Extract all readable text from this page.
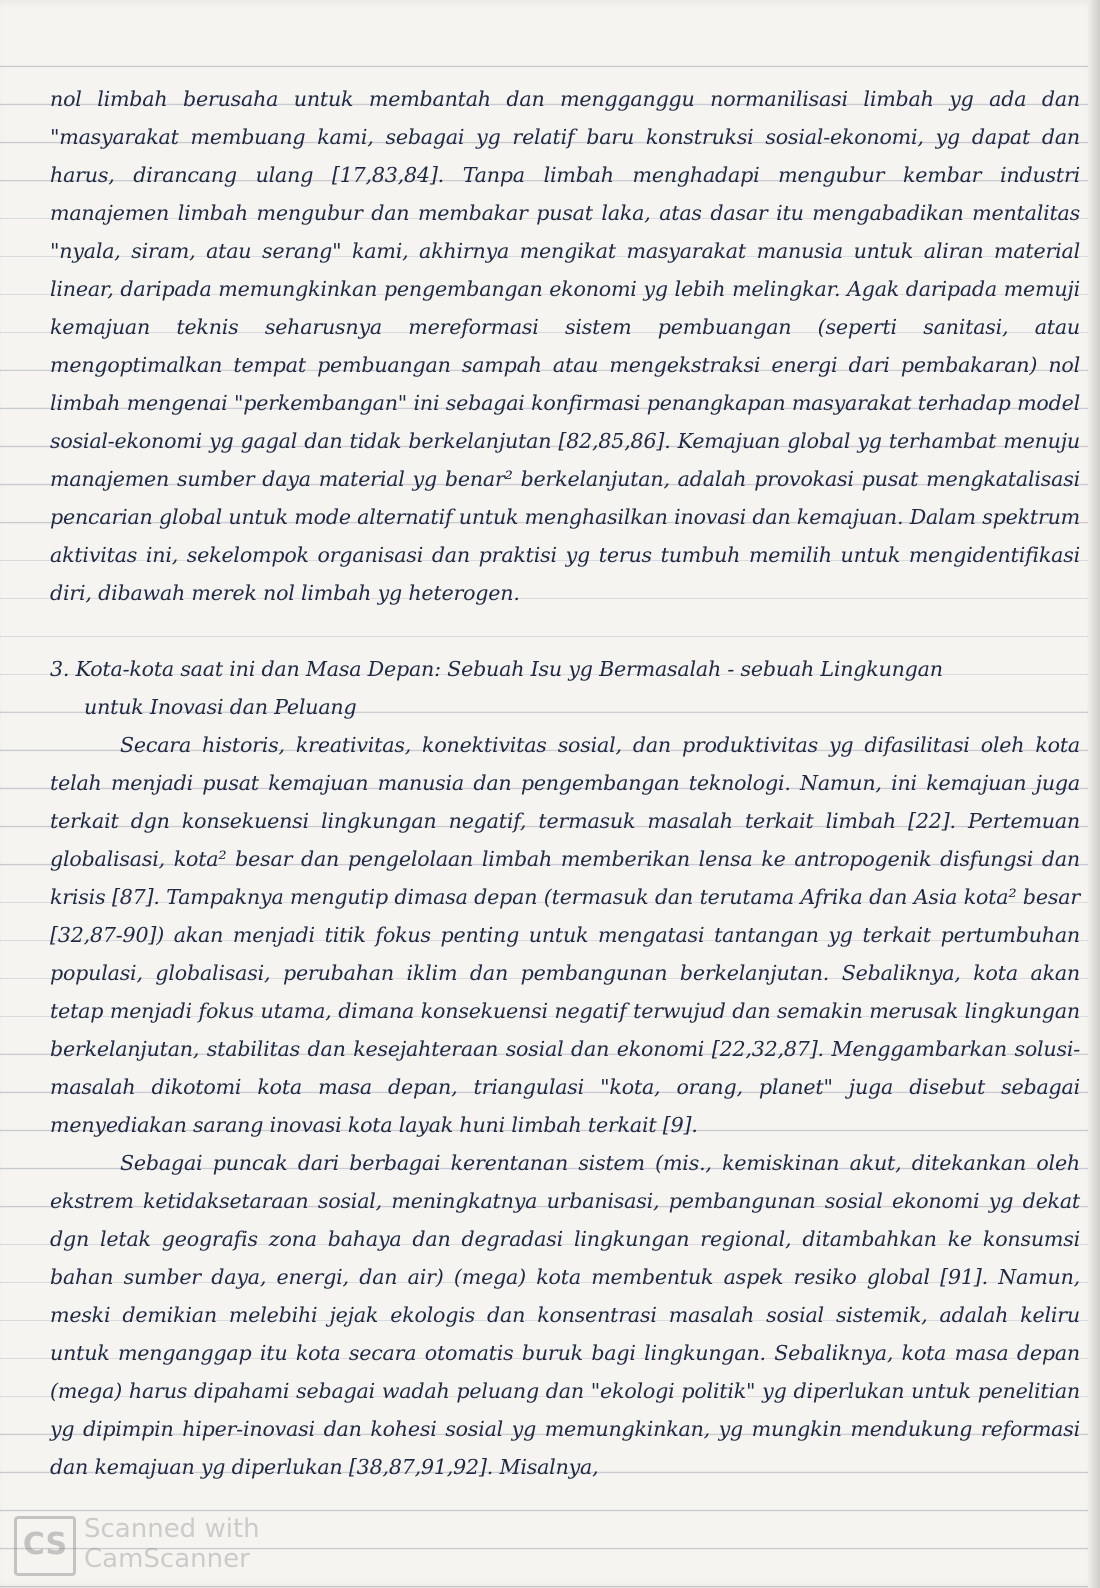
nol limbah berusaha untuk membantah dan mengganggu normanilisasi limbah yg ada dan "masyarakat membuang kami, sebagai yg relatif baru konstruksi sosial-ekonomi, yg dapat dan harus, dirancang ulang [17,83,84]. Tanpa limbah menghadapi mengubur kembar industri manajemen limbah mengubur dan membakar pusat laka, atas dasar itu mengabadikan mentalitas "nyala, siram, atau serang" kami, akhirnya mengikat masyarakat manusia untuk aliran material linear, daripada memungkinkan pengembangan ekonomi yg lebih melingkar. Agak daripada memuji kemajuan teknis seharusnya mereformasi sistem pembuangan (seperti sanitasi, atau mengoptimalkan tempat pembuangan sampah atau mengekstraksi energi dari pembakaran) nol limbah mengenai "perkembangan" ini sebagai konfirmasi penangkapan masyarakat terhadap model sosial-ekonomi yg gagal dan tidak berkelanjutan [82,85,86]. Kemajuan global yg terhambat menuju manajemen sumber daya material yg benar² berkelanjutan, adalah provokasi pusat mengkatalisasi pencarian global untuk mode alternatif untuk menghasilkan inovasi dan kemajuan. Dalam spektrum aktivitas ini, sekelompok organisasi dan praktisi yg terus tumbuh memilih untuk mengidentifikasi diri, dibawah merek nol limbah yg heterogen.

3. Kota-kota saat ini dan Masa Depan: Sebuah Isu yg Bermasalah - sebuah Lingkungan
untuk Inovasi dan Peluang

Secara historis, kreativitas, konektivitas sosial, dan produktivitas yg difasilitasi oleh kota telah menjadi pusat kemajuan manusia dan pengembangan teknologi. Namun, ini kemajuan juga terkait dgn konsekuensi lingkungan negatif, termasuk masalah terkait limbah [22]. Pertemuan globalisasi, kota² besar dan pengelolaan limbah memberikan lensa ke antropogenik disfungsi dan krisis [87]. Tampaknya mengutip dimasa depan (termasuk dan terutama Afrika dan Asia kota² besar [32,87-90]) akan menjadi titik fokus penting untuk mengatasi tantangan yg terkait pertumbuhan populasi, globalisasi, perubahan iklim dan pembangunan berkelanjutan. Sebaliknya, kota akan tetap menjadi fokus utama, dimana konsekuensi negatif terwujud dan semakin merusak lingkungan berkelanjutan, stabilitas dan kesejahteraan sosial dan ekonomi [22,32,87]. Menggambarkan solusi-masalah dikotomi kota masa depan, triangulasi "kota, orang, planet" juga disebut sebagai menyediakan sarang inovasi kota layak huni limbah terkait [9].

Sebagai puncak dari berbagai kerentanan sistem (mis., kemiskinan akut, ditekankan oleh ekstrem ketidaksetaraan sosial, meningkatnya urbanisasi, pembangunan sosial ekonomi yg dekat dgn letak geografis zona bahaya dan degradasi lingkungan regional, ditambahkan ke konsumsi bahan sumber daya, energi, dan air) (mega) kota membentuk aspek resiko global [91]. Namun, meski demikian melebihi jejak ekologis dan konsentrasi masalah sosial sistemik, adalah keliru untuk menganggap itu kota secara otomatis buruk bagi lingkungan. Sebaliknya, kota masa depan (mega) harus dipahami sebagai wadah peluang dan "ekologi politik" yg diperlukan untuk penelitian yg dipimpin hiper-inovasi dan kohesi sosial yg memungkinkan, yg mungkin mendukung reformasi dan kemajuan yg diperlukan [38,87,91,92]. Misalnya,

CS Scanned with
CamScanner
